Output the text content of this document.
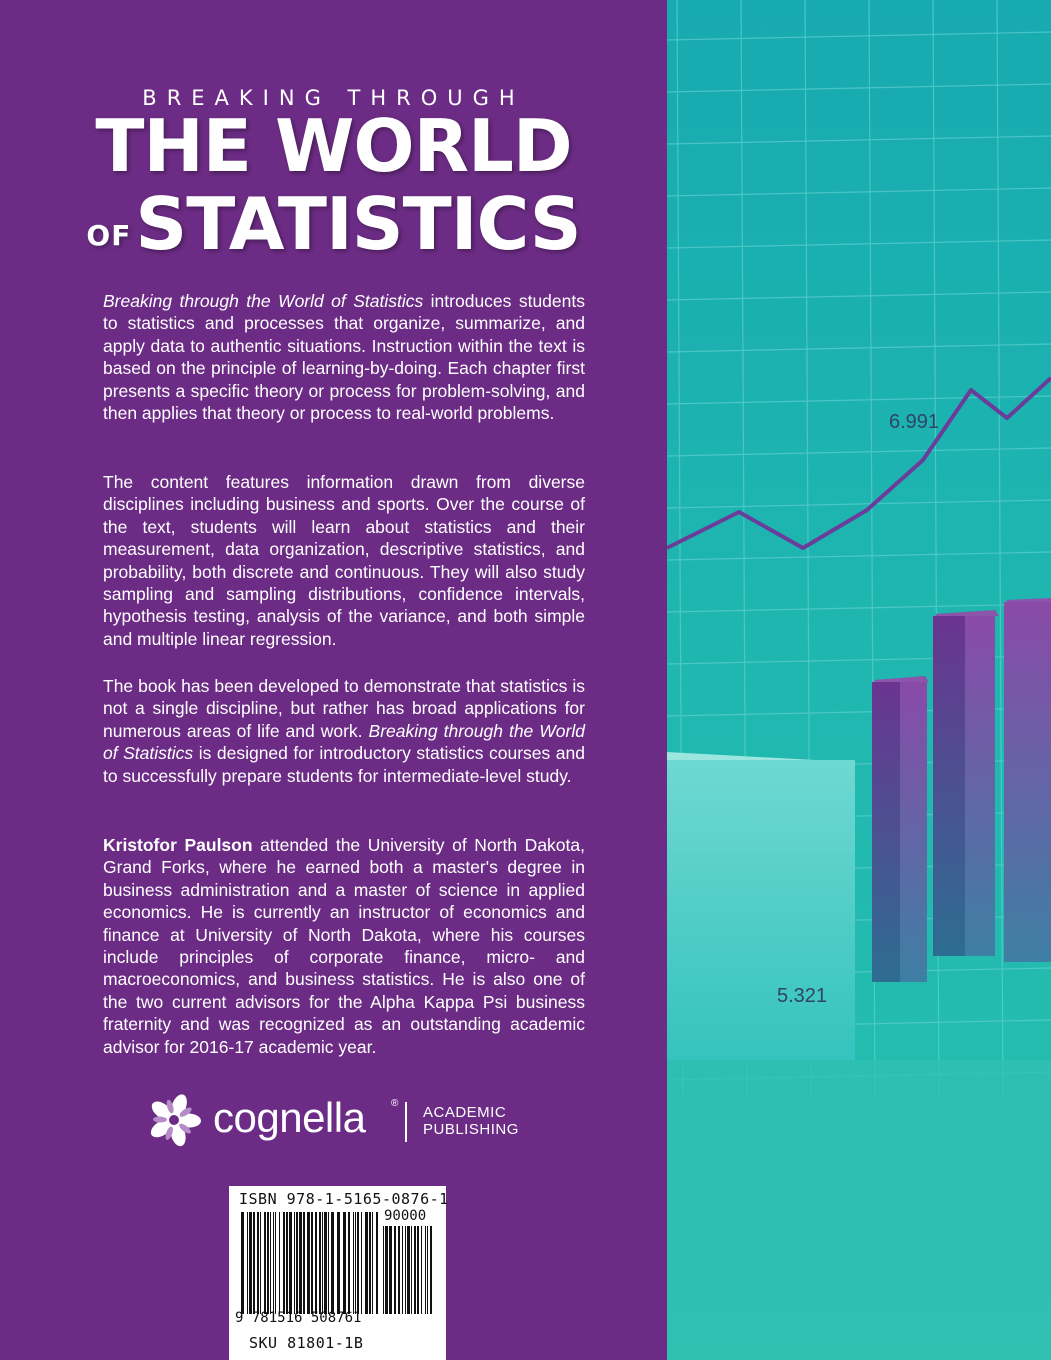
BREAKING THROUGH
THE WORLD
OFSTATISTICS

Breaking through the World of Statistics introduces students to statistics and processes that organize, summarize, and apply data to authentic situations. Instruction within the text is based on the principle of learning-by-doing. Each chapter first presents a specific theory or process for problem-solving, and then applies that theory or process to real-world problems.

The content features information drawn from diverse disciplines including business and sports. Over the course of the text, students will learn about statistics and their measurement, data organization, descriptive statistics, and probability, both discrete and continuous. They will also study sampling and sampling distributions, confidence intervals, hypothesis testing, analysis of the variance, and both simple and multiple linear regression.

The book has been developed to demonstrate that statistics is not a single discipline, but rather has broad applications for numerous areas of life and work. Breaking through the World of Statistics is designed for introductory statistics courses and to successfully prepare students for intermediate-level study.

Kristofor Paulson attended the University of North Dakota, Grand Forks, where he earned both a master's degree in business administration and a master of science in applied economics. He is currently an instructor of economics and finance at University of North Dakota, where his courses include principles of corporate finance, micro- and macroeconomics, and business statistics. He is also one of the two current advisors for the Alpha Kappa Psi business fraternity and was recognized as an outstanding academic advisor for 2016-17 academic year.

cognella	®
ACADEMIC
PUBLISHING
ISBN 978-1-5165-0876-1
90000
9 781516 508761
SKU 81801-1B
6.991
5.321
